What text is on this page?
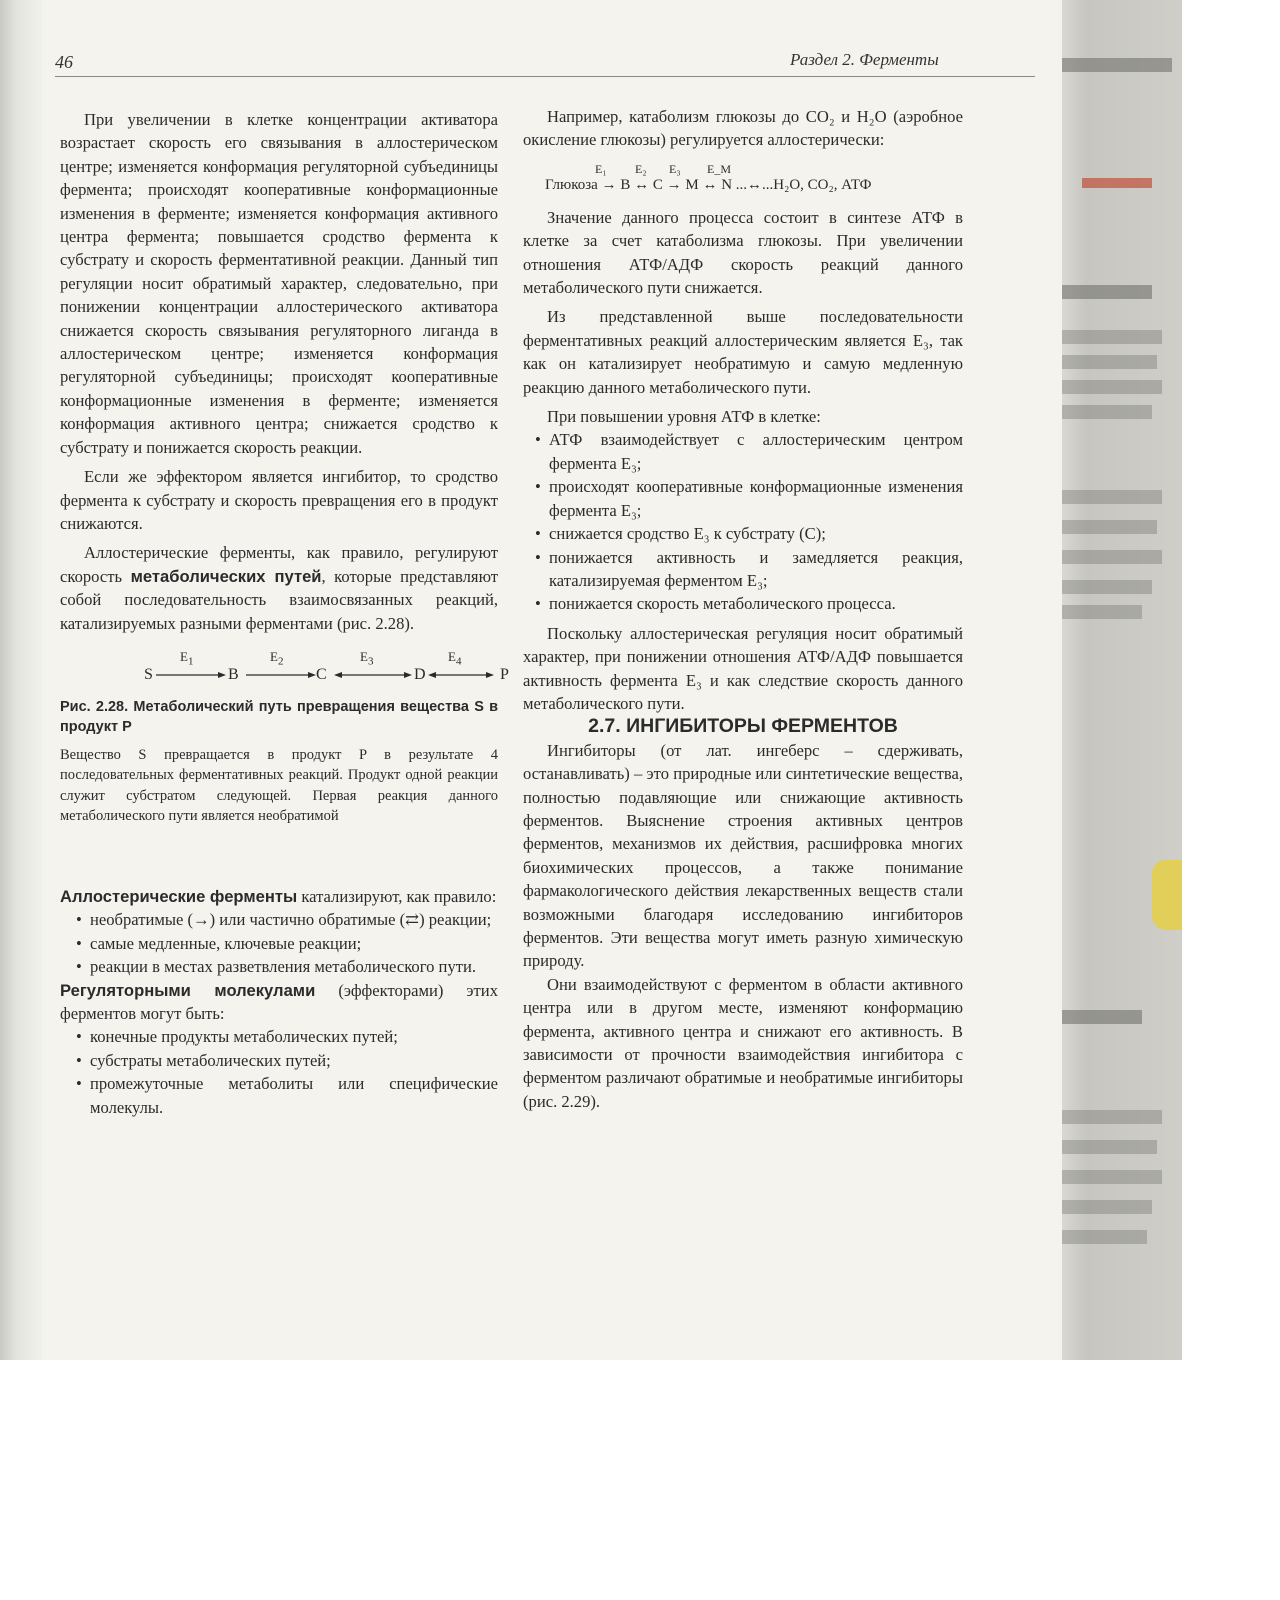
46	Раздел 2. Ферменты

При увеличении в клетке концентрации активатора возрастает скорость его связывания в аллостерическом центре; изменяется конформация регуляторной субъединицы фермента; происходят кооперативные конформационные изменения в ферменте; изменяется конформация активного центра фермента; повышается сродство фермента к субстрату и скорость ферментативной реакции. Данный тип регуляции носит обратимый характер, следовательно, при понижении концентрации аллостерического активатора снижается скорость связывания регуляторного лиганда в аллостерическом центре; изменяется конформация регуляторной субъединицы; происходят кооперативные конформационные изменения в ферменте; изменяется конформация активного центра; снижается сродство к субстрату и понижается скорость реакции.

Если же эффектором является ингибитор, то сродство фермента к субстрату и скорость превращения его в продукт снижаются.

Аллостерические ферменты, как правило, регулируют скорость метаболических путей, которые представляют собой последовательность взаимосвязанных реакций, катализируемых разными ферментами (рис. 2.28).

S	B	C	D	P
$E_1$	$E_2$	$E_3$	$E_4$

Рис. 2.28. Метаболический путь превращения вещества S в продукт P

Вещество S превращается в продукт P в результате 4 последовательных ферментативных реакций. Продукт одной реакции служит субстратом следующей. Первая реакция данного метаболического пути является необратимой

Аллостерические ферменты катализируют, как правило:

• необратимые (→) или частично обратимые (⇄) реакции;
• самые медленные, ключевые реакции;
• реакции в местах разветвления метаболического пути.

Регуляторными молекулами (эффекторами) этих ферментов могут быть:

• конечные продукты метаболических путей;
• субстраты метаболических путей;
• промежуточные метаболиты или специфические молекулы.

Например, катаболизм глюкозы до CO₂ и H₂O (аэробное окисление глюкозы) регулируется аллостерически:

E₁ E₂ E₃ E_M
Глюкоза → B ↔ C → M ↔ N ...↔...H₂O, CO₂, АТФ

Значение данного процесса состоит в синтезе АТФ в клетке за счет катаболизма глюкозы. При увеличении отношения АТФ/АДФ скорость реакций данного метаболического пути снижается.

Из представленной выше последовательности ферментативных реакций аллостерическим является E₃, так как он катализирует необратимую и самую медленную реакцию данного метаболического пути.

При повышении уровня АТФ в клетке:

• АТФ взаимодействует с аллостерическим центром фермента E₃;
• происходят кооперативные конформационные изменения фермента E₃;
• снижается сродство E₃ к субстрату (C);
• понижается активность и замедляется реакция, катализируемая ферментом E₃;
• понижается скорость метаболического процесса.

Поскольку аллостерическая регуляция носит обратимый характер, при понижении отношения АТФ/АДФ повышается активность фермента E₃ и как следствие скорость данного метаболического пути.

2.7. ИНГИБИТОРЫ ФЕРМЕНТОВ

Ингибиторы (от лат. ингеберс – сдерживать, останавливать) – это природные или синтетические вещества, полностью подавляющие или снижающие активность ферментов. Выяснение строения активных центров ферментов, механизмов их действия, расшифровка многих биохимических процессов, а также понимание фармакологического действия лекарственных веществ стали возможными благодаря исследованию ингибиторов ферментов. Эти вещества могут иметь разную химическую природу.

Они взаимодействуют с ферментом в области активного центра или в другом месте, изменяют конформацию фермента, активного центра и снижают его активность. В зависимости от прочности взаимодействия ингибитора с ферментом различают обратимые и необратимые ингибиторы (рис. 2.29).
